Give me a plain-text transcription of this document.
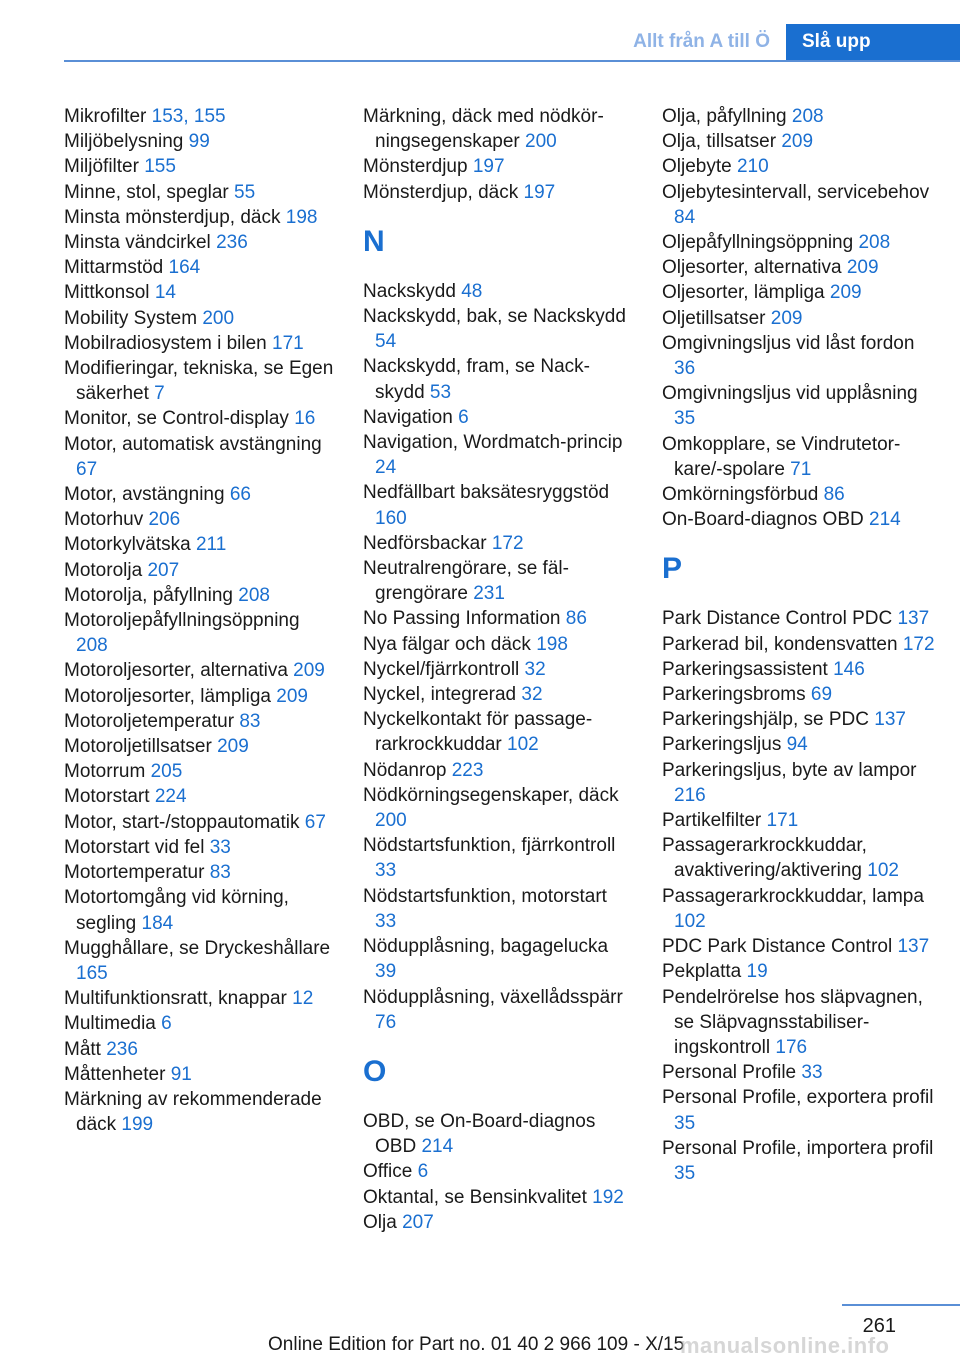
Allt från A till Ö	Slå upp

Mikrofilter 153, 155

Miljöbelysning 99

Miljöfilter 155

Minne, stol, speglar 55

Minsta mönsterdjup, däck 198

Minsta vändcirkel 236

Mittarmstöd 164

Mittkonsol 14

Mobility System 200

Mobilradiosystem i bilen 171

Modifieringar, tekniska, se Egen säkerhet 7

Monitor, se Control-display 16

Motor, automatisk avstängning 67

Motor, avstängning 66

Motorhuv 206

Motorkylvätska 211

Motorolja 207

Motorolja, påfyllning 208

Motoroljepåfyllningsöppning 208

Motoroljesorter, alternativa 209

Motoroljesorter, lämpliga 209

Motoroljetemperatur 83

Motoroljetillsatser 209

Motorrum 205

Motorstart 224

Motor, start-/stoppautomatik 67

Motorstart vid fel 33

Motortemperatur 83

Motortomgång vid körning, segling 184

Mugghållare, se Dryckeshållare 165

Multifunktionsratt, knappar 12

Multimedia 6

Mått 236

Måttenheter 91

Märkning av rekommenderade däck 199

Märkning, däck med nödkörningsegenskaper 200

Mönsterdjup 197

Mönsterdjup, däck 197

N

Nackskydd 48

Nackskydd, bak, se Nackskydd 54

Nackskydd, fram, se Nackskydd 53

Navigation 6

Navigation, Wordmatch-princip 24

Nedfällbart baksätesryggstöd 160

Nedförsbackar 172

Neutralrengörare, se fälgrengörare 231

No Passing Information 86

Nya fälgar och däck 198

Nyckel/fjärrkontroll 32

Nyckel, integrerad 32

Nyckelkontakt för passagerarkrockkuddar 102

Nödanrop 223

Nödkörningsegenskaper, däck 200

Nödstartsfunktion, fjärrkontroll 33

Nödstartsfunktion, motorstart 33

Nödupplåsning, bagagelucka 39

Nödupplåsning, växellådsspärr 76

O

OBD, se On-Board-diagnos OBD 214

Office 6

Oktantal, se Bensinkvalitet 192

Olja 207

Olja, påfyllning 208

Olja, tillsatser 209

Oljebyte 210

Oljebytesintervall, servicebehov 84

Oljepåfyllningsöppning 208

Oljesorter, alternativa 209

Oljesorter, lämpliga 209

Oljetillsatser 209

Omgivningsljus vid låst fordon 36

Omgivningsljus vid upplåsning 35

Omkopplare, se Vindrutetorkare/-spolare 71

Omkörningsförbud 86

On-Board-diagnos OBD 214

P

Park Distance Control PDC 137

Parkerad bil, kondensvatten 172

Parkeringsassistent 146

Parkeringsbroms 69

Parkeringshjälp, se PDC 137

Parkeringsljus 94

Parkeringsljus, byte av lampor 216

Partikelfilter 171

Passagerarkrockkuddar, avaktivering/aktivering 102

Passagerarkrockkuddar, lampa 102

PDC Park Distance Control 137

Pekplatta 19

Pendelrörelse hos släpvagnen, se Släpvagnsstabiliseringskontroll 176

Personal Profile 33

Personal Profile, exportera profil 35

Personal Profile, importera profil 35

261
Online Edition for Part no. 01 40 2 966 109 - X/15
manualsonline.info
